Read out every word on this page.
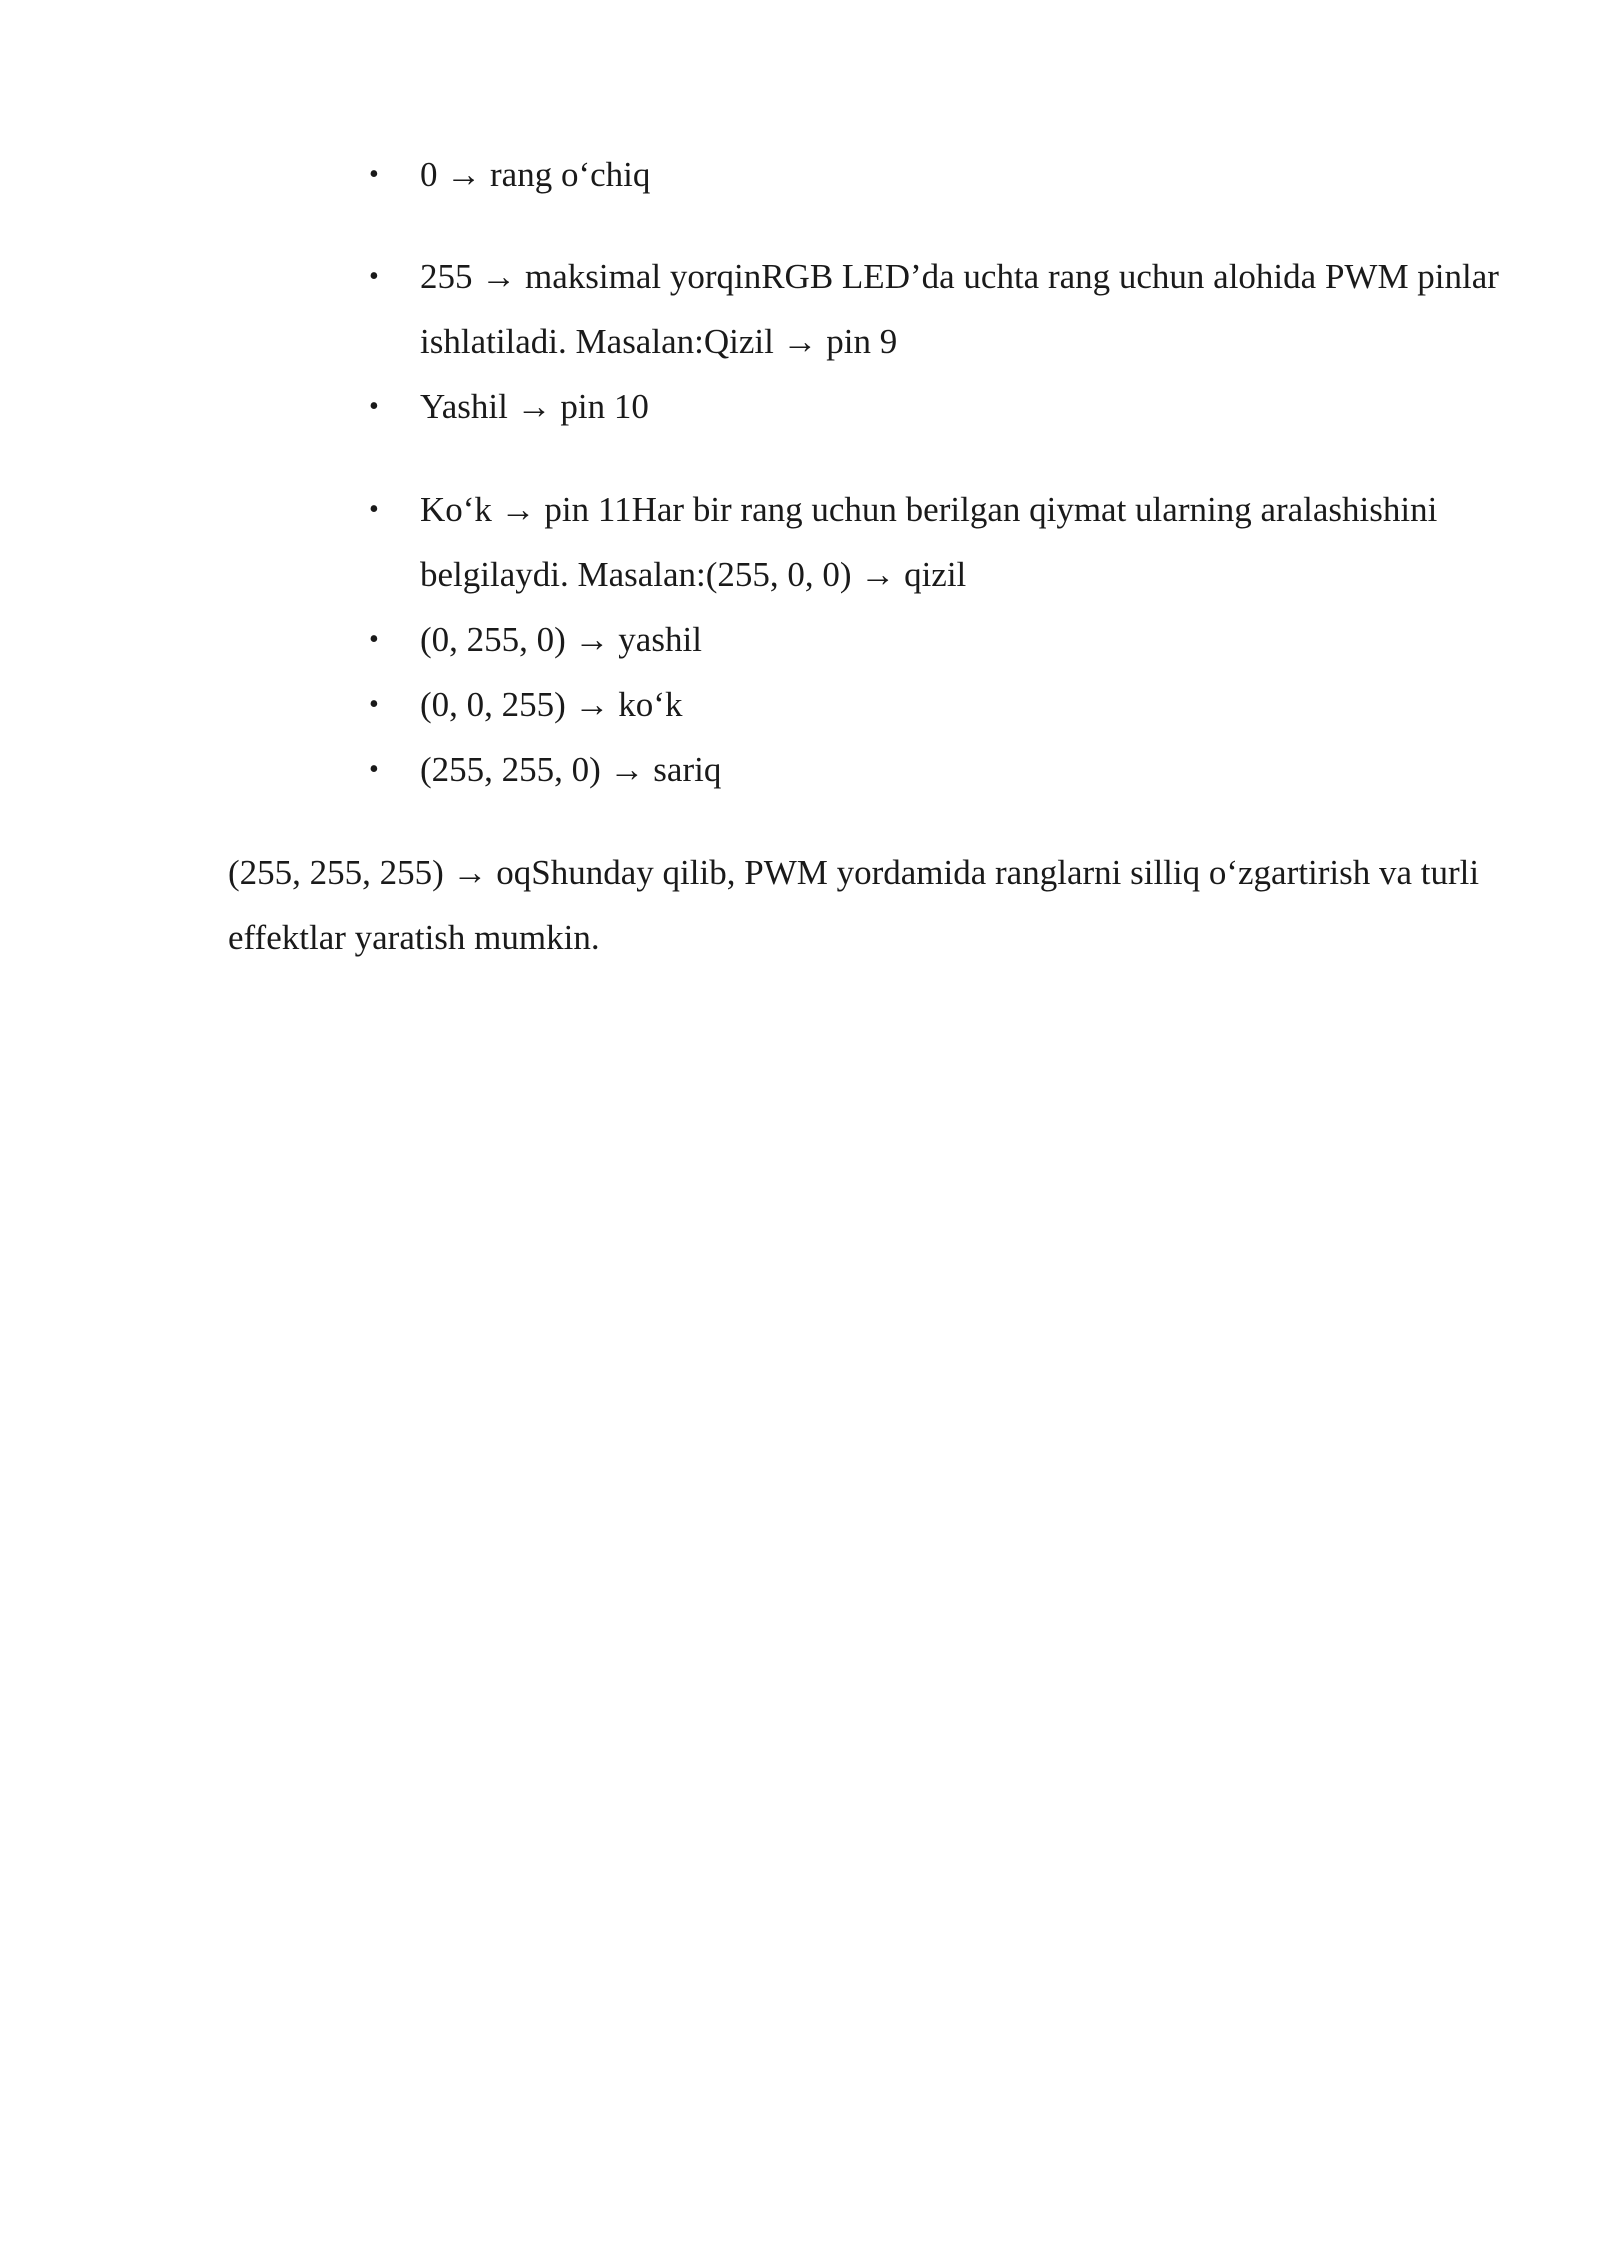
• 0 → rang o‘chiq

• 255 → maksimal yorqinRGB LED’da uchta rang uchun alohida PWM pinlar ishlatiladi. Masalan:Qizil → pin 9

• Yashil → pin 10

• Ko‘k → pin 11Har bir rang uchun berilgan qiymat ularning aralashishini belgilaydi. Masalan:(255, 0, 0) → qizil

• (0, 255, 0) → yashil

• (0, 0, 255) → ko‘k

• (255, 255, 0) → sariq

(255, 255, 255) → oqShunday qilib, PWM yordamida ranglarni silliq o‘zgartirish va turli effektlar yaratish mumkin.
